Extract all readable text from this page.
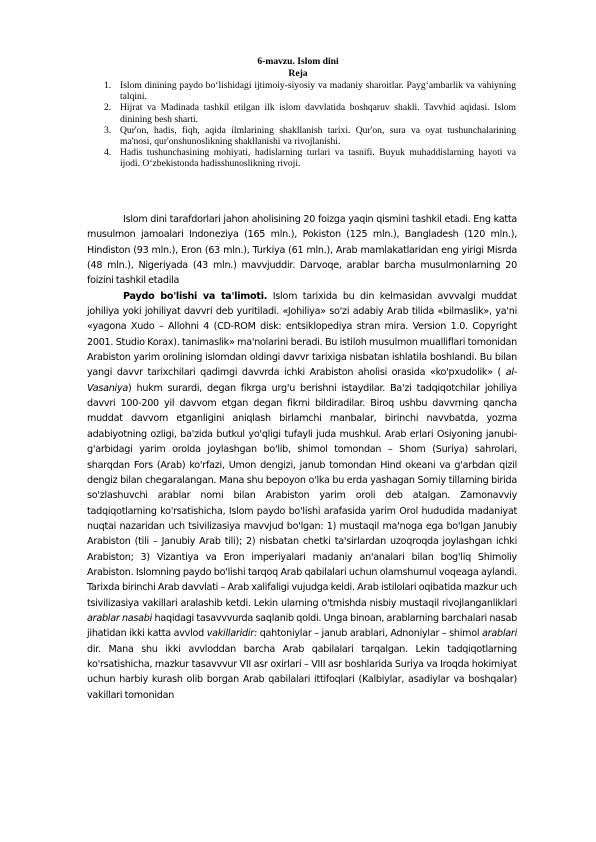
6-mavzu. Islom dini
Reja
1. Islom dinining paydo boʻlishidagi ijtimoiy-siyosiy va madaniy sharoitlar. Paygʻambarlik va vahiyning talqini.
2. Hijrat va Madinada tashkil etilgan ilk islom davvlatida boshqaruv shakli. Tavvhid aqidasi. Islom dinining besh sharti.
3. Qur'on, hadis, fiqh, aqida ilmlarining shakllanish tarixi. Qur'on, sura va oyat tushunchalarining ma'nosi, qur'onshunoslikning shakllanishi va rivojlanishi.
4. Hadis tushunchasining mohiyati, hadislarning turlari va tasnifi. Buyuk muhaddislarning hayoti va ijodi. Oʻzbekistonda hadisshunoslikning rivoji.

Islom dini tarafdorlari jahon aholisining 20 foizga yaqin qismini tashkil etadi. Eng katta musulmon jamoalari Indoneziya (165 mln.), Pokiston (125 mln.), Bangladesh (120 mln.), Hindiston (93 mln.), Eron (63 mln.), Turkiya (61 mln.), Arab mamlakatlaridan eng yirigi Misrda (48 mln.), Nigeriyada (43 mln.) mavvjuddir. Darvoqe, arablar barcha musulmonlarning 20 foizini tashkil etadila

Paydo bo'lishi va ta'limoti. Islom tarixida bu din kelmasidan avvvalgi muddat johiliya yoki johiliyat davvri deb yuritiladi. «Johiliya» so'zi adabiy Arab tilida «bilmaslik», ya'ni «yagona Xudo – Allohni 4 (CD-ROM disk: entsiklopediya stran mira. Version 1.0. Copyright 2001. Studio Korax). tanimaslik» ma'nolarini beradi. Bu istiloh musulmon mualliflari tomonidan Arabiston yarim orolining islomdan oldingi davvr tarixiga nisbatan ishlatila boshlandi. Bu bilan yangi davvr tarixchilari qadimgi davvrda ichki Arabiston aholisi orasida «ko'pxudolik» ( al-Vasaniya) hukm surardi, degan fikrga urg'u berishni istaydilar. Ba'zi tadqiqotchilar johiliya davvri 100-200 yil davvom etgan degan fikrni bildiradilar. Biroq ushbu davvrning qancha muddat davvom etganligini aniqlash birlamchi manbalar, birinchi navvbatda, yozma adabiyotning ozligi, ba'zida butkul yo'qligi tufayli juda mushkul. Arab erlari Osiyoning janubi-g'arbidagi yarim orolda joylashgan bo'lib, shimol tomondan – Shom (Suriya) sahrolari, sharqdan Fors (Arab) ko'rfazi, Umon dengizi, janub tomondan Hind okeani va g'arbdan qizil dengiz bilan chegaralangan. Mana shu bepoyon o'lka bu erda yashagan Somiy tillarning birida so'zlashuvchi arablar nomi bilan Arabiston yarim oroli deb atalgan. Zamonavviy tadqiqotlarning ko'rsatishicha, Islom paydo bo'lishi arafasida yarim Orol hududida madaniyat nuqtai nazaridan uch tsivilizasiya mavvjud bo'lgan: 1) mustaqil ma'noga ega bo'lgan Janubiy Arabiston (tili – Janubiy Arab tili); 2) nisbatan chetki ta'sirlardan uzoqroqda joylashgan ichki Arabiston; 3) Vizantiya va Eron imperiyalari madaniy an'analari bilan bog'liq Shimoliy Arabiston. Islomning paydo bo'lishi tarqoq Arab qabilalari uchun olamshumul voqeaga aylandi. Tarixda birinchi Arab davvlati – Arab xalifaligi vujudga keldi. Arab istilolari oqibatida mazkur uch tsivilizasiya vakillari aralashib ketdi. Lekin ularning o'tmishda nisbiy mustaqil rivojlanganliklari arablar nasabi haqidagi tasavvvurda saqlanib qoldi. Unga binoan, arablarning barchalari nasab jihatidan ikki katta avvlod vakillaridir: qahtoniylar – janub arablari, Adnoniylar – shimol arablari dir. Mana shu ikki avvloddan barcha Arab qabilalari tarqalgan. Lekin tadqiqotlarning ko'rsatishicha, mazkur tasavvvur VII asr oxirlari – VIII asr boshlarida Suriya va Iroqda hokimiyat uchun harbiy kurash olib borgan Arab qabilalari ittifoqlari (Kalbiylar, asadiylar va boshqalar) vakillari tomonidan
